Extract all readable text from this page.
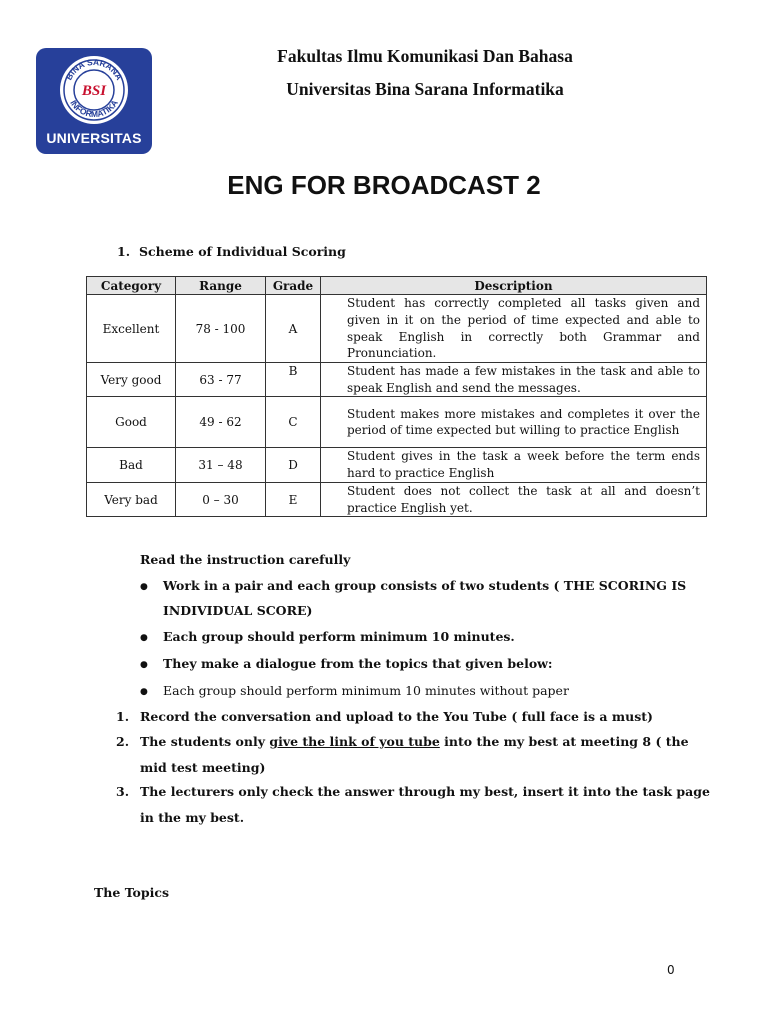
BINA SARANA
INFORMATIKA
BSI
UNIVERSITAS
Fakultas Ilmu Komunikasi Dan Bahasa
Universitas Bina Sarana Informatika
ENG FOR BROADCAST 2
1. Scheme of Individual Scoring
Category	Range	Grade	Description
Excellent	78 - 100	A	Student has correctly completed all tasks given and given in it on the period of time expected and able to speak English in correctly both Grammar and Pronunciation.
Very good	63 - 77	B	Student has made a few mistakes in the task and able to speak English and send the messages.
Good	49 - 62	C	Student makes more mistakes and completes it over the period of time expected but willing to practice English
Bad	31 – 48	D	Student gives in the task a week before the term ends hard to practice English
Very bad	0 – 30	E	Student does not collect the task at all and doesn’t practice English yet.
Read the instruction carefully
● Work in a pair and each group consists of two students ( THE SCORING IS
INDIVIDUAL SCORE)
● Each group should perform minimum 10 minutes.
● They make a dialogue from the topics that given below:
● Each group should perform minimum 10 minutes without paper
1. Record the conversation and upload to the You Tube ( full face is a must)
2. The students only give the link of you tube into the my best at meeting 8 ( the
mid test meeting)
3. The lecturers only check the answer through my best, insert it into the task page
in the my best.
The Topics
0
